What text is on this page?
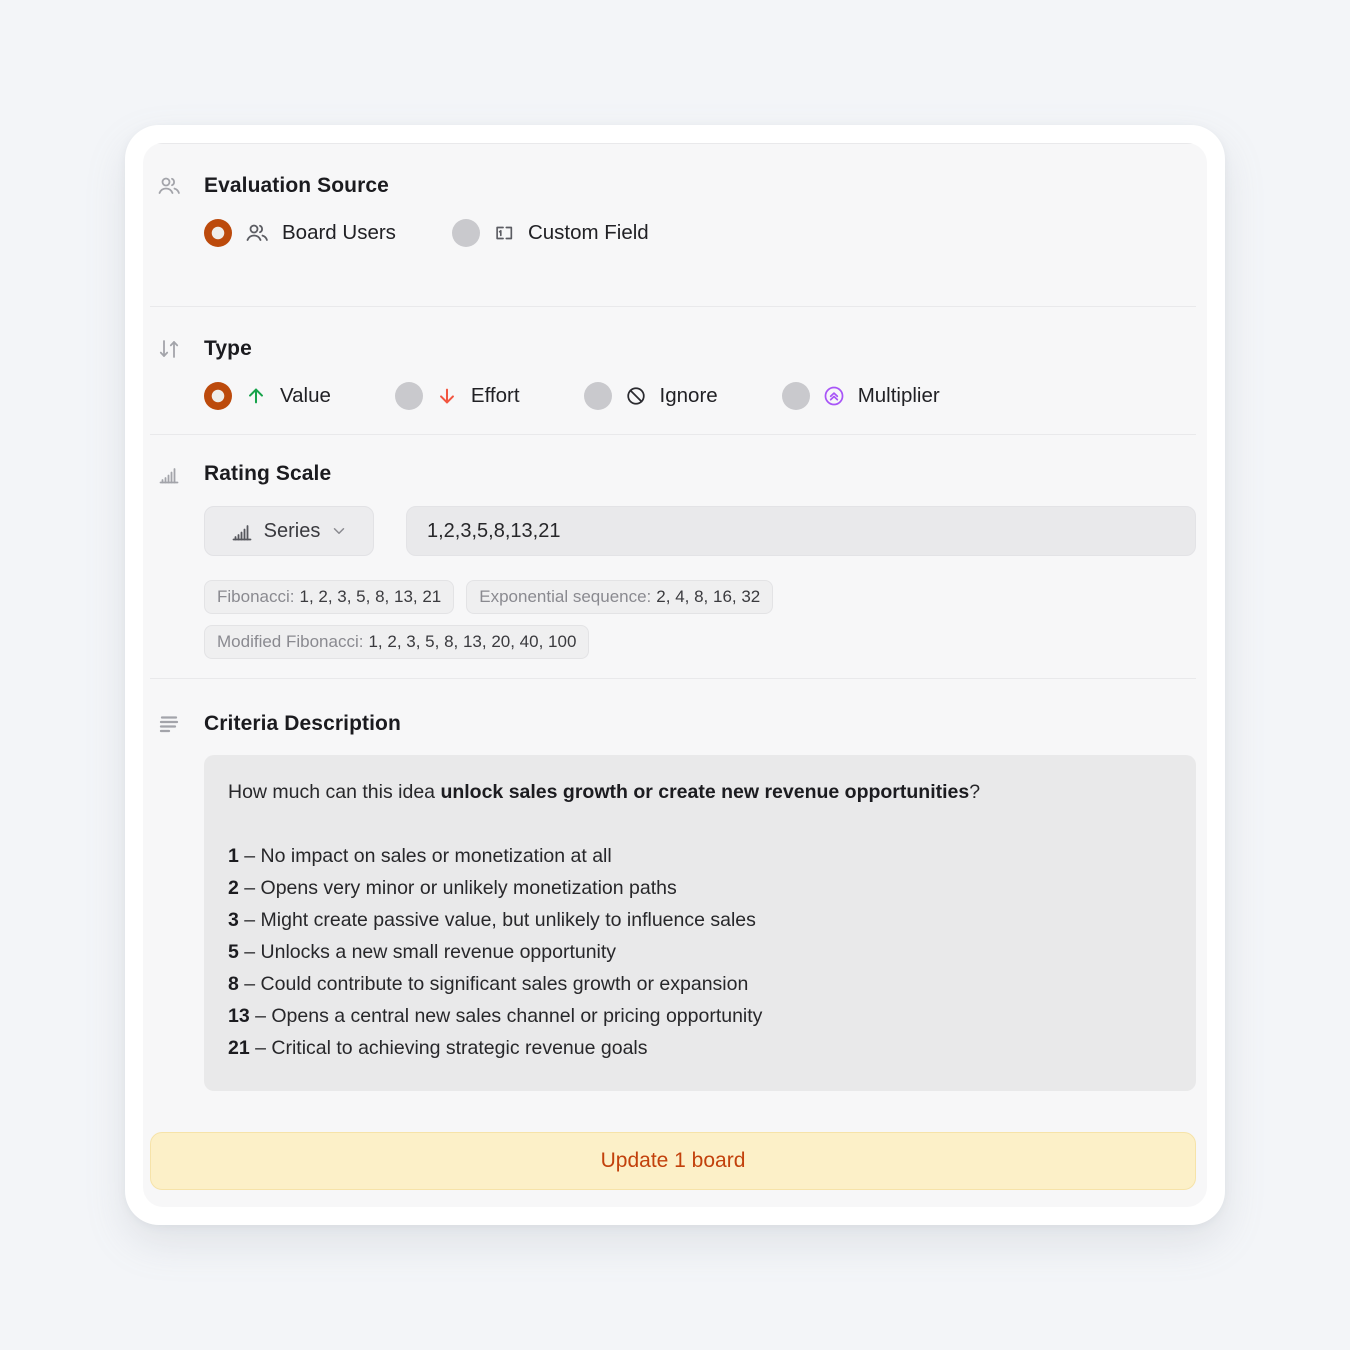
Evaluation Source
Board Users	Custom Field
Type
Value	Effort	Ignore	Multiplier
Rating Scale
Series
1,2,3,5,8,13,21
Fibonacci: 1, 2, 3, 5, 8, 13, 21 Exponential sequence: 2, 4, 8, 16, 32
Modified Fibonacci: 1, 2, 3, 5, 8, 13, 20, 40, 100
Criteria Description
How much can this idea unlock sales growth or create new revenue opportunities?
1 – No impact on sales or monetization at all
2 – Opens very minor or unlikely monetization paths
3 – Might create passive value, but unlikely to influence sales
5 – Unlocks a new small revenue opportunity
8 – Could contribute to significant sales growth or expansion
13 – Opens a central new sales channel or pricing opportunity
21 – Critical to achieving strategic revenue goals
Update 1 board
